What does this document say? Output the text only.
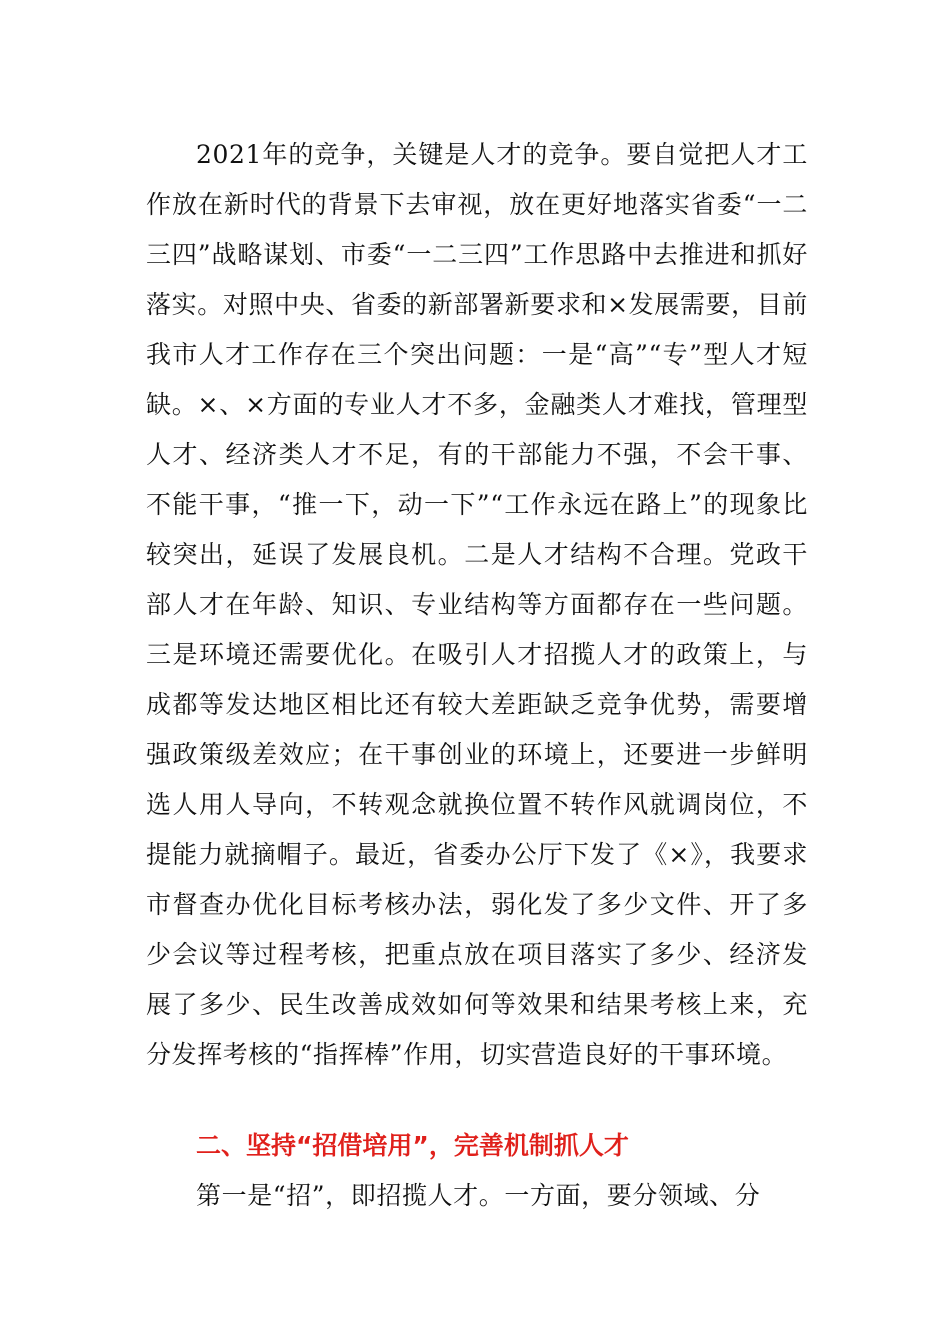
2021年的竞争，关键是人才的竞争。要自觉把人才工作放在新时代的背景下去审视，放在更好地落实省委“一二三四”战略谋划、市委“一二三四”工作思路中去推进和抓好落实。对照中央、省委的新部署新要求和×发展需要，目前我市人才工作存在三个突出问题：一是“高”“专”型人才短缺。×、×方面的专业人才不多，金融类人才难找，管理型人才、经济类人才不足，有的干部能力不强，不会干事、不能干事，“推一下，动一下”“工作永远在路上”的现象比较突出，延误了发展良机。二是人才结构不合理。党政干部人才在年龄、知识、专业结构等方面都存在一些问题。三是环境还需要优化。在吸引人才招揽人才的政策上，与成都等发达地区相比还有较大差距缺乏竞争优势，需要增强政策级差效应；在干事创业的环境上，还要进一步鲜明选人用人导向，不转观念就换位置不转作风就调岗位，不提能力就摘帽子。最近，省委办公厅下发了《×》，我要求市督查办优化目标考核办法，弱化发了多少文件、开了多少会议等过程考核，把重点放在项目落实了多少、经济发展了多少、民生改善成效如何等效果和结果考核上来，充分发挥考核的“指挥棒”作用，切实营造良好的干事环境。

二、坚持“招借培用”，完善机制抓人才

第一是“招”，即招揽人才。一方面，要分领域、分
